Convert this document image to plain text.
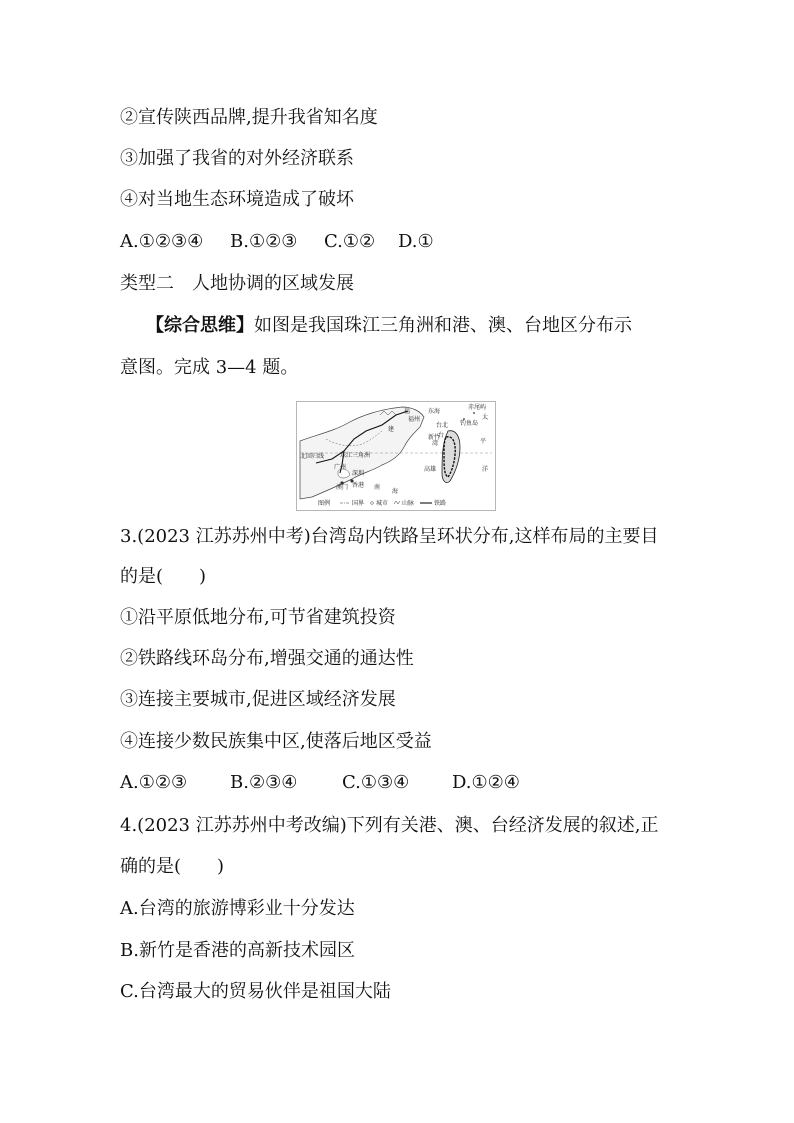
②宣传陕西品牌,提升我省知名度
③加强了我省的对外经济联系
④对当地生态环境造成了破坏
A.①②③④ B.①②③ C.①② D.①
类型二　人地协调的区域发展
【综合思维】如图是我国珠江三角洲和港、澳、台地区分布示
意图。完成 3—4 题。
福
福州
建
东海
钓鱼岛
赤尾屿
太
台北
台
湾
新竹
平
高雄	洋
珠江三角洲
北回归线
广州
深圳
澳门 香港 南
海
图例	国界 城市 山脉	铁路
3.(2023 江苏苏州中考)台湾岛内铁路呈环状分布,这样布局的主要目
的是(　　)
①沿平原低地分布,可节省建筑投资
②铁路线环岛分布,增强交通的通达性
③连接主要城市,促进区域经济发展
④连接少数民族集中区,使落后地区受益
A.①②③ B.②③④ C.①③④ D.①②④
4.(2023 江苏苏州中考改编)下列有关港、澳、台经济发展的叙述,正
确的是(　　)
A.台湾的旅游博彩业十分发达
B.新竹是香港的高新技术园区
C.台湾最大的贸易伙伴是祖国大陆
